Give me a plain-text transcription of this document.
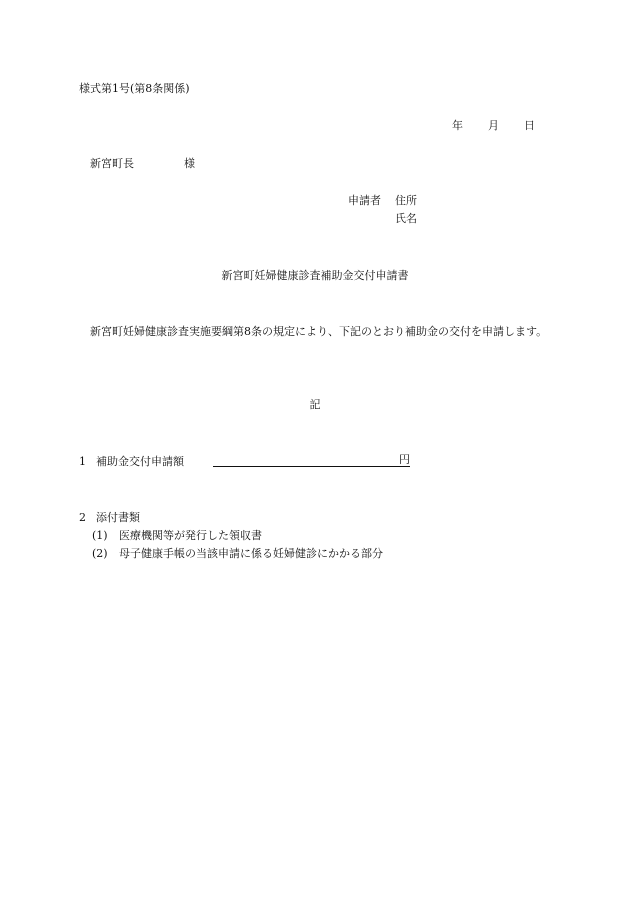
様式第1号(第8条関係)
年 月 日
新宮町長	様
申請者 住所
氏名
新宮町妊婦健康診査補助金交付申請書
新宮町妊婦健康診査実施要綱第8条の規定により、下記のとおり補助金の交付を申請します。
記
1 補助金交付申請額	円
2 添付書類
(1) 医療機関等が発行した領収書
(2) 母子健康手帳の当該申請に係る妊婦健診にかかる部分
